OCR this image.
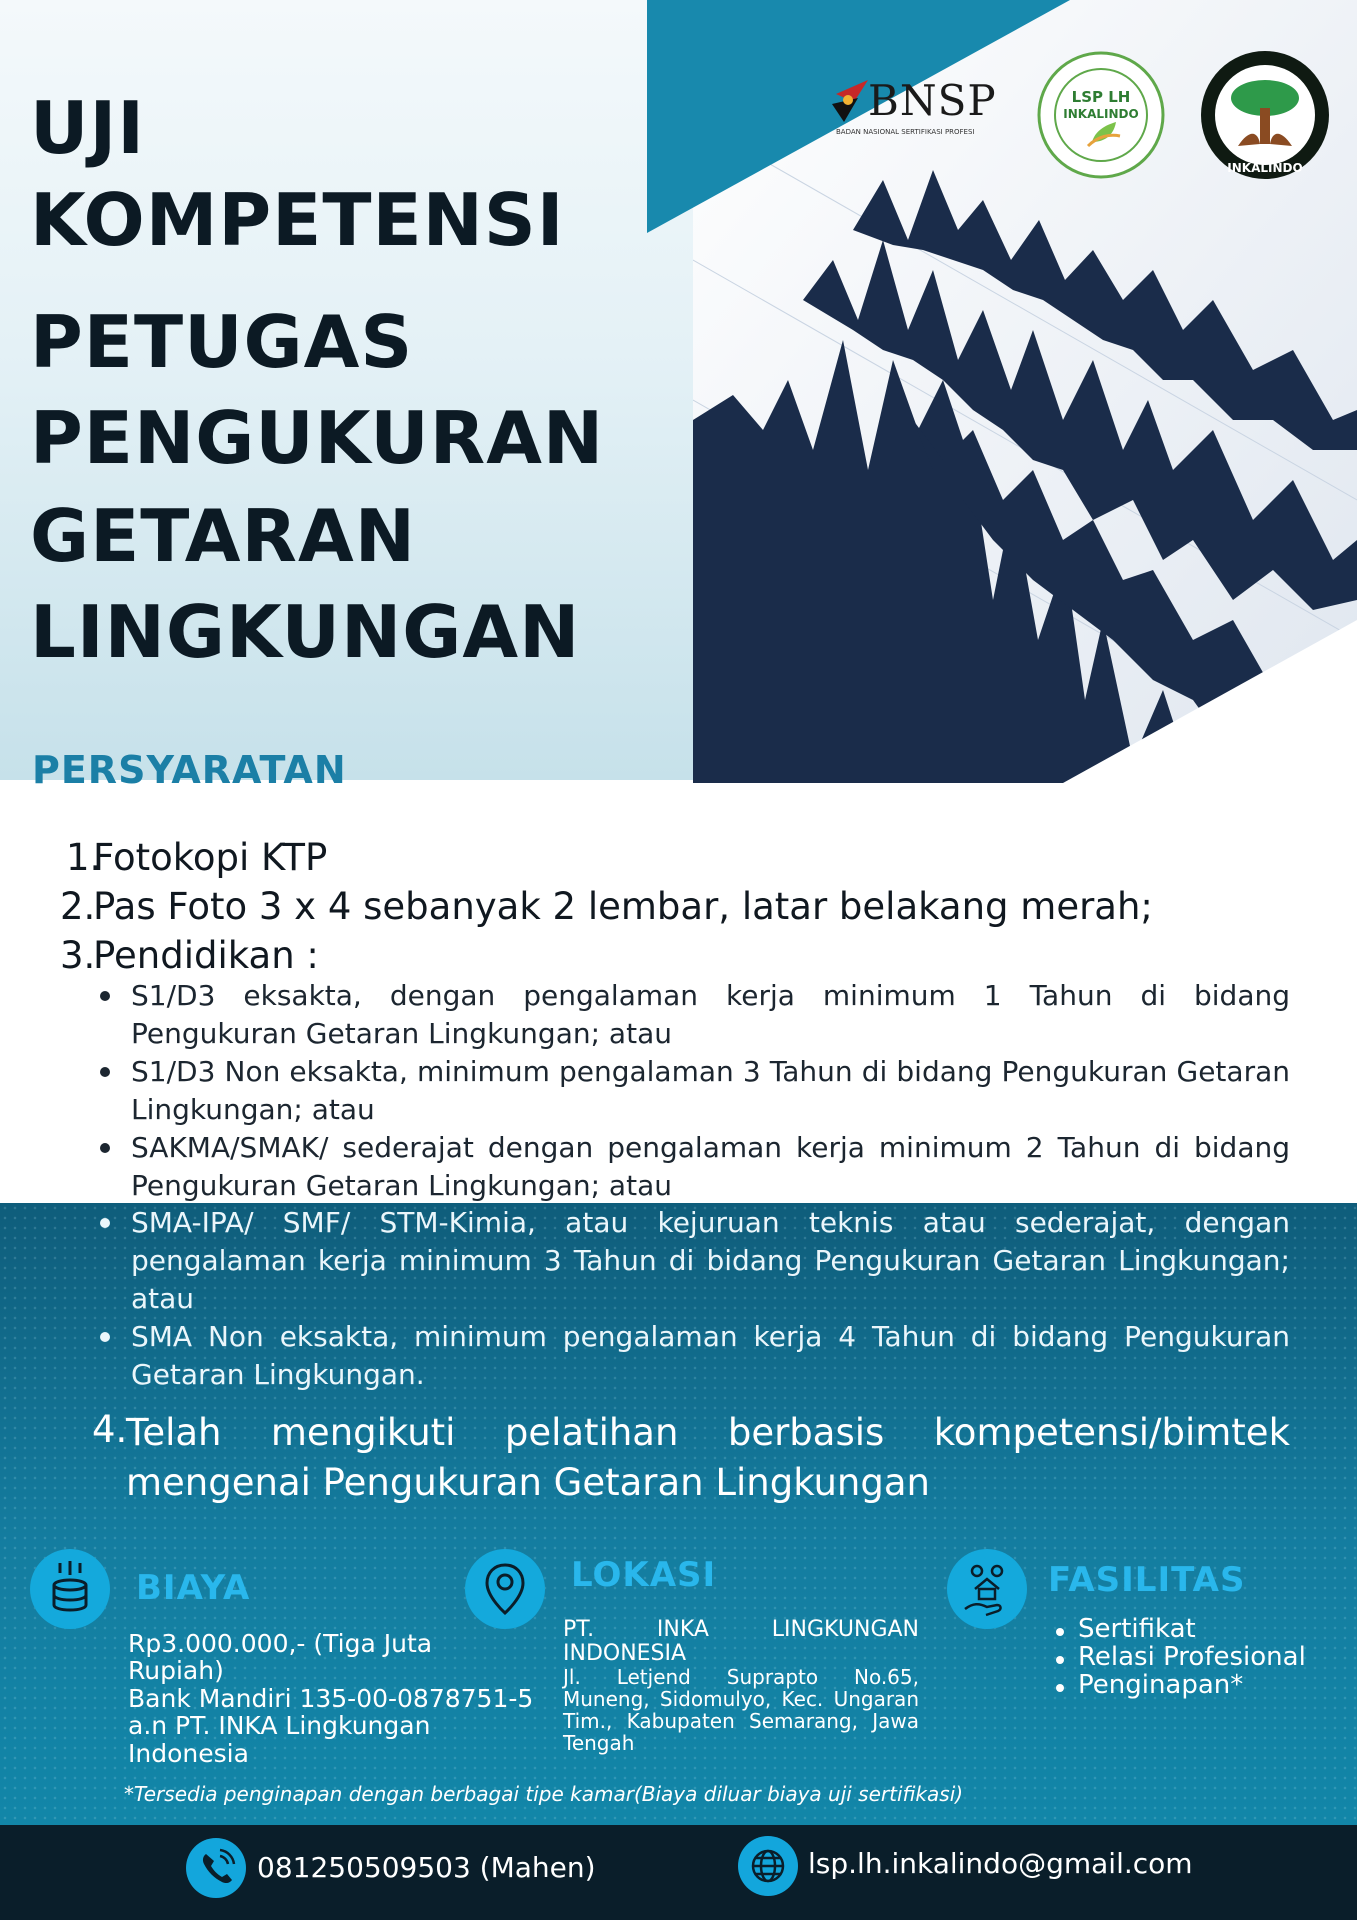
BNSP
BADAN NASIONAL SERTIFIKASI PROFESI
LSP LH
INKALINDO
INKALINDO
UJI
KOMPETENSI
PETUGAS
PENGUKURAN
GETARAN
LINGKUNGAN
PERSYARATAN

1.

Fotokopi KTP

2.

Pas Foto 3 x 4 sebanyak 2 lembar, latar belakang merah;

3.

Pendidikan :

S1/D3 eksakta, dengan pengalaman kerja minimum 1 Tahun di bidang Pengukuran Getaran Lingkungan; atau

S1/D3 Non eksakta, minimum pengalaman 3 Tahun di bidang Pengukuran Getaran Lingkungan; atau

SAKMA/SMAK/ sederajat dengan pengalaman kerja minimum 2 Tahun di bidang Pengukuran Getaran Lingkungan; atau

SMA-IPA/ SMF/ STM-Kimia, atau kejuruan teknis atau sederajat, dengan pengalaman kerja minimum 3 Tahun di bidang Pengukuran Getaran Lingkungan; atau

SMA Non eksakta, minimum pengalaman kerja 4 Tahun di bidang Pengukuran Getaran Lingkungan.

4.

Telah mengikuti pelatihan berbasis kompetensi/bimtek mengenai Pengukuran Getaran Lingkungan

BIAYA

Rp3.000.000,- (Tiga Juta

Rupiah)

Bank Mandiri 135-00-0878751-5

a.n PT. INKA Lingkungan

Indonesia

LOKASI

PT. INKA LINGKUNGAN INDONESIA

Jl. Letjend Suprapto No.65, Muneng, Sidomulyo, Kec. Ungaran Tim., Kabupaten Semarang, Jawa Tengah

FASILITAS

Sertifikat

Relasi Profesional

Penginapan*

*Tersedia penginapan dengan berbagai tipe kamar(Biaya diluar biaya uji sertifikasi)

081250509503 (Mahen)	lsp.lh.inkalindo@gmail.com
